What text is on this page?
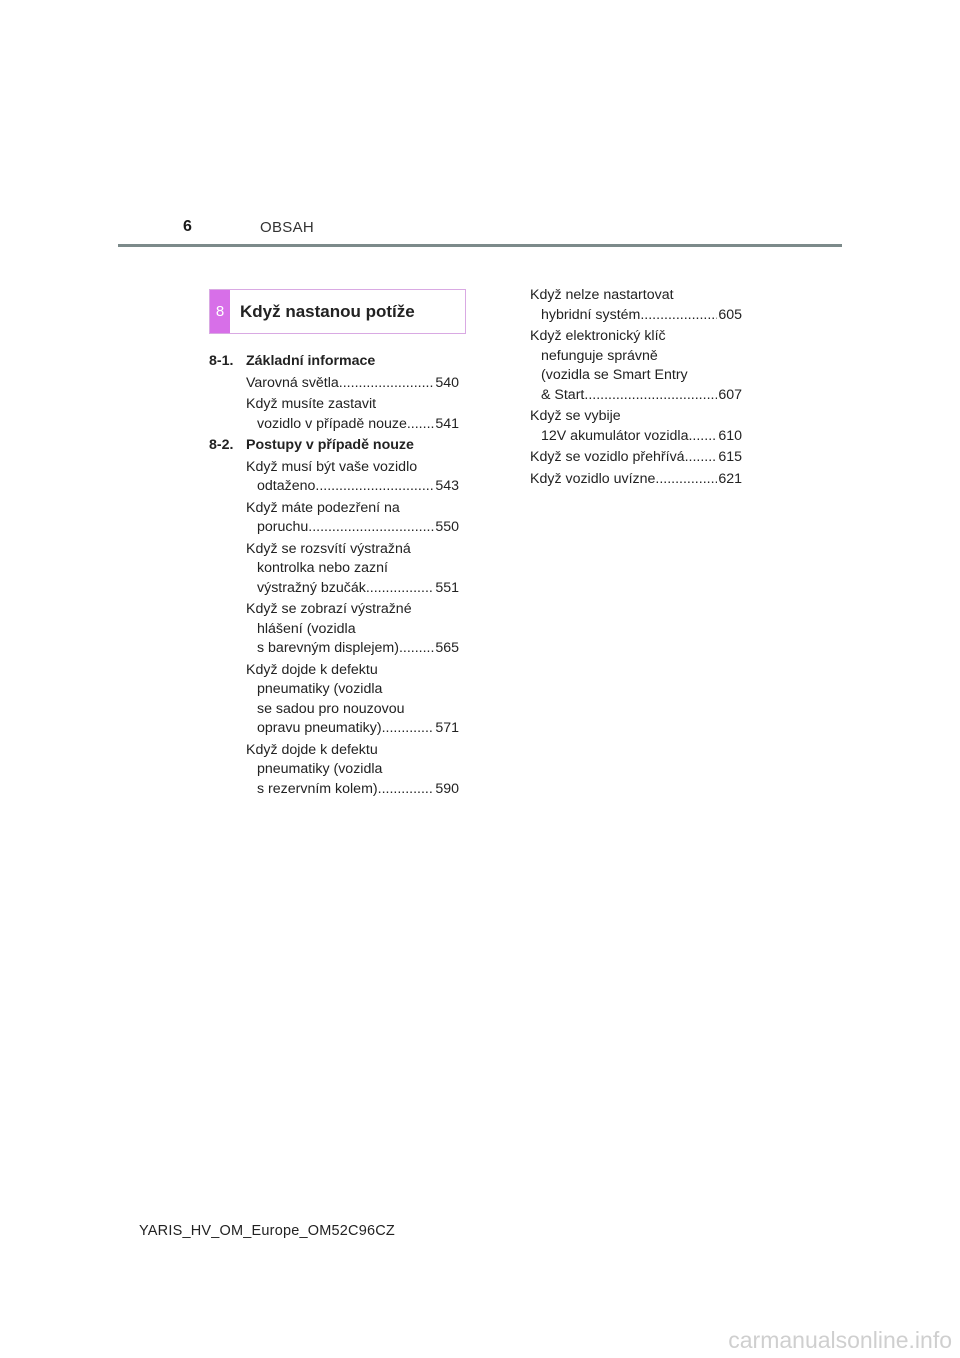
6	OBSAH
8 Když nastanou potíže
8-1. Základní informace
Varovná světla .....	540
Když musíte zastavit
vozidlo v případě nouze ..... 541
8-2. Postupy v případě nouze
Když musí být vaše vozidlo
odtaženo .....	543
Když máte podezření na
poruchu .....	550
Když se rozsvítí výstražná
kontrolka nebo zazní
výstražný bzučák .....	551
Když se zobrazí výstražné
hlášení (vozidla
s barevným displejem) .....	565
Když dojde k defektu
pneumatiky (vozidla
se sadou pro nouzovou
opravu pneumatiky) .....	571
Když dojde k defektu
pneumatiky (vozidla
s rezervním kolem) .....	590
Když nelze nastartovat
hybridní systém .....	605
Když elektronický klíč
nefunguje správně
(vozidla se Smart Entry
& Start .....	607
Když se vybije
12V akumulátor vozidla ..... 610
Když se vozidlo přehřívá ..... 615
Když vozidlo uvízne .....	621
YARIS_HV_OM_Europe_OM52C96CZ
carmanualsonline.info
